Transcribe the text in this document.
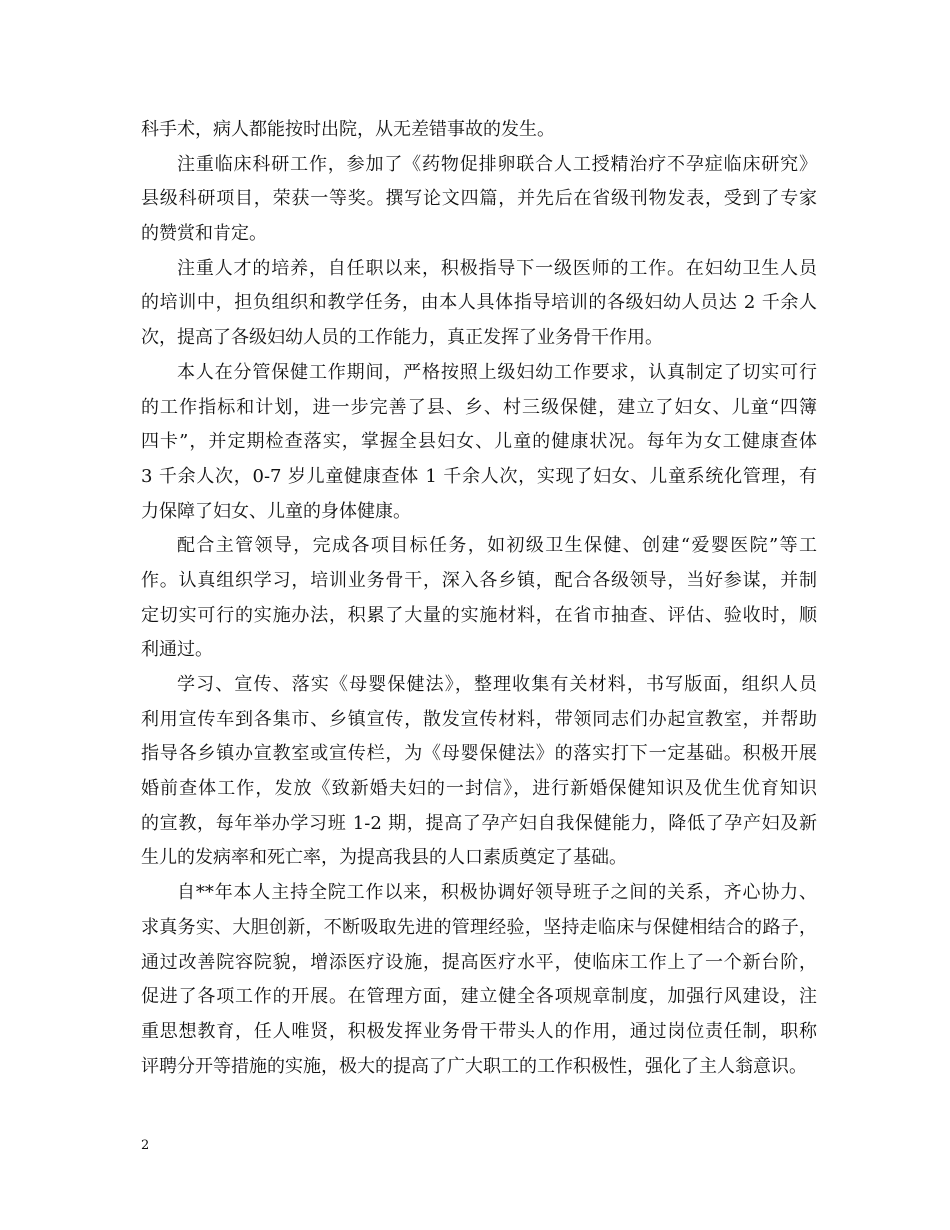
科手术，病人都能按时出院，从无差错事故的发生。
注重临床科研工作，参加了《药物促排卵联合人工授精治疗不孕症临床研究》
县级科研项目，荣获一等奖。撰写论文四篇，并先后在省级刊物发表，受到了专家
的赞赏和肯定。
注重人才的培养，自任职以来，积极指导下一级医师的工作。在妇幼卫生人员
的培训中，担负组织和教学任务，由本人具体指导培训的各级妇幼人员达 2 千余人
次，提高了各级妇幼人员的工作能力，真正发挥了业务骨干作用。
本人在分管保健工作期间，严格按照上级妇幼工作要求，认真制定了切实可行
的工作指标和计划，进一步完善了县、乡、村三级保健，建立了妇女、儿童“四簿
四卡”，并定期检查落实，掌握全县妇女、儿童的健康状况。每年为女工健康查体
3 千余人次，0-7 岁儿童健康查体 1 千余人次，实现了妇女、儿童系统化管理，有
力保障了妇女、儿童的身体健康。
配合主管领导，完成各项目标任务，如初级卫生保健、创建“爱婴医院”等工
作。认真组织学习，培训业务骨干，深入各乡镇，配合各级领导，当好参谋，并制
定切实可行的实施办法，积累了大量的实施材料，在省市抽查、评估、验收时，顺
利通过。
学习、宣传、落实《母婴保健法》，整理收集有关材料，书写版面，组织人员
利用宣传车到各集市、乡镇宣传，散发宣传材料，带领同志们办起宣教室，并帮助
指导各乡镇办宣教室或宣传栏，为《母婴保健法》的落实打下一定基础。积极开展
婚前查体工作，发放《致新婚夫妇的一封信》，进行新婚保健知识及优生优育知识
的宣教，每年举办学习班 1-2 期，提高了孕产妇自我保健能力，降低了孕产妇及新
生儿的发病率和死亡率，为提高我县的人口素质奠定了基础。
自**年本人主持全院工作以来，积极协调好领导班子之间的关系，齐心协力、
求真务实、大胆创新，不断吸取先进的管理经验，坚持走临床与保健相结合的路子，
通过改善院容院貌，增添医疗设施，提高医疗水平，使临床工作上了一个新台阶，
促进了各项工作的开展。在管理方面，建立健全各项规章制度，加强行风建设，注
重思想教育，任人唯贤，积极发挥业务骨干带头人的作用，通过岗位责任制，职称
评聘分开等措施的实施，极大的提高了广大职工的工作积极性，强化了主人翁意识。
2
